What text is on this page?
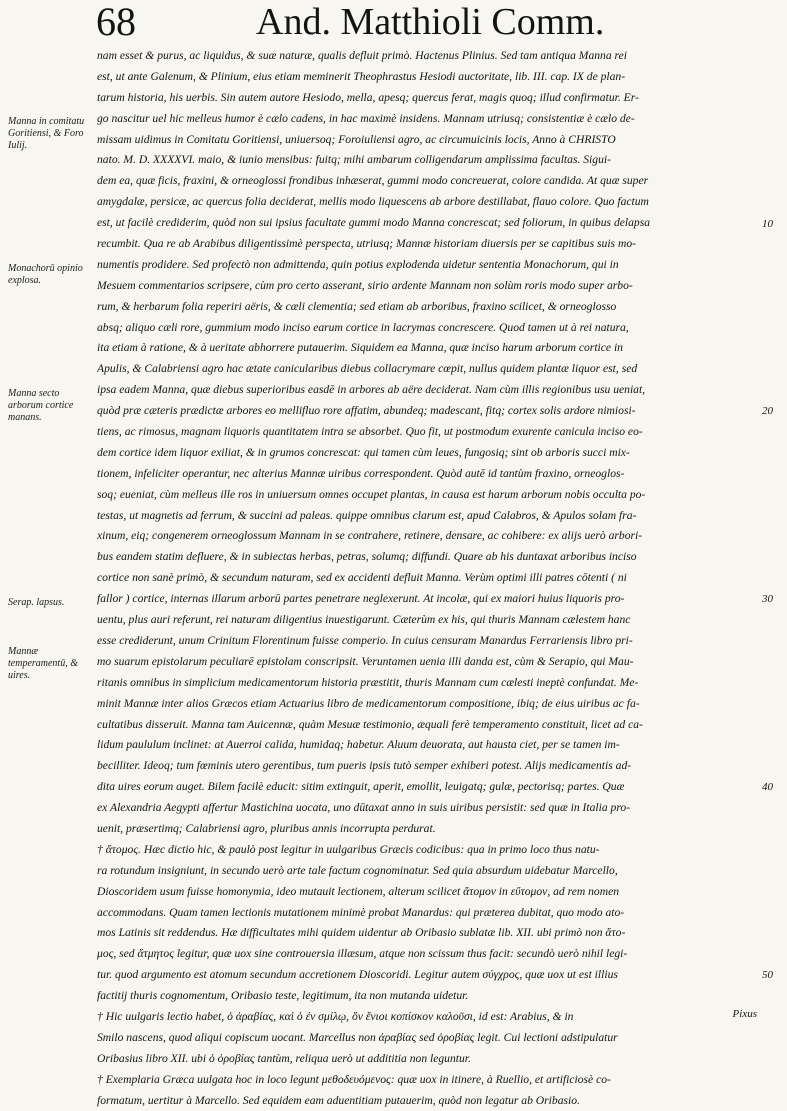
68	And. Matthioli Comm.
nam esset & purus, ac liquidus, & suæ naturæ, qualis defluit primò. Hactenus Plinius. Sed tam antiqua Manna rei
est, ut ante Galenum, & Plinium, eius etiam meminerit Theophrastus Hesiodi auctoritate, lib. III. cap. IX de plan-
tarum historia, his uerbis. Sin autem autore Hesiodo, mella, apesq; quercus ferat, magis quoq; illud confirmatur. Er-
go nascitur uel hic melleus humor è cælo cadens, in hac maximè insidens. Mannam utriusq; consistentiæ è cælo de-
missam uidimus in Comitatu Goritiensi, uniuersoq; Foroiuliensi agro, ac circumuicinis locis, Anno à CHRISTO
nato. M. D. XXXXVI. maio, & iunio mensibus: fuitq; mihi ambarum colligendarum amplissima facultas. Sigui-
dem ea, quæ ficis, fraxini, & orneoglossi frondibus inhæserat, gummi modo concreuerat, colore candida. At quæ super
amygdalæ, persicæ, ac quercus folia deciderat, mellis modo liquescens ab arbore destillabat, flauo colore. Quo factum
est, ut facilè crediderim, quòd non sui ipsius facultate gummi modo Manna concrescat; sed foliorum, in quibus delapsa
recumbit. Qua re ab Arabibus diligentissimè perspecta, utriusq; Mannæ historiam diuersis per se capitibus suis mo-
numentis prodidere. Sed profectò non admittenda, quin potius explodenda uidetur sententia Monachorum, qui in
Mesuem commentarios scripsere, cùm pro certo asserant, sirio ardente Mannam non solùm roris modo super arbo-
rum, & herbarum folia reperiri aëris, & cæli clementia; sed etiam ab arboribus, fraxino scilicet, & orneoglosso
absq; aliquo cæli rore, gummium modo inciso earum cortice in lacrymas concrescere. Quod tamen ut à rei natura,
ita etiam à ratione, & à ueritate abhorrere putauerim. Siquidem ea Manna, quæ inciso harum arborum cortice in
Apulis, & Calabriensi agro hac ætate canicularibus diebus collacrymare cœpit, nullus quidem plantæ liquor est, sed
ipsa eadem Manna, quæ diebus superioribus easdē in arbores ab aëre deciderat. Nam cùm illis regionibus usu ueniat,
quòd præ cæteris prædictæ arbores eo mellifluo rore affatim, abundeq; madescant, fitq; cortex solis ardore nimiosi-
tiens, ac rimosus, magnam liquoris quantitatem intra se absorbet. Quo fit, ut postmodum exurente canicula inciso eo-
dem cortice idem liquor exiliat, & in grumos concrescat: qui tamen cùm leues, fungosiq; sint ob arboris succi mix-
tionem, infeliciter operantur, nec alterius Mannæ uiribus correspondent. Quòd autē id tantùm fraxino, orneoglos-
soq; eueniat, cùm melleus ille ros in uniuersum omnes occupet plantas, in causa est harum arborum nobis occulta po-
testas, ut magnetis ad ferrum, & succini ad paleas. quippe omnibus clarum est, apud Calabros, & Apulos solam fra-
xinum, eiq; congenerem orneoglossum Mannam in se contrahere, retinere, densare, ac cohibere: ex alijs uerò arbori-
bus eandem statim defluere, & in subiectas herbas, petras, solumq; diffundi. Quare ab his duntaxat arboribus inciso
cortice non sanè primò, & secundum naturam, sed ex accidenti defluit Manna. Verùm optimi illi patres cōtenti ( ni
fallor ) cortice, internas illarum arborū partes penetrare neglexerunt. At incolæ, qui ex maiori huius liquoris pro-
uentu, plus auri referunt, rei naturam diligentius inuestigarunt. Cæterùm ex his, qui thuris Mannam cælestem hanc
esse crediderunt, unum Crinitum Florentinum fuisse comperio. In cuius censuram Manardus Ferrariensis libro pri-
mo suarum epistolarum peculiarē epistolam conscripsit. Veruntamen uenia illi danda est, cùm & Serapio, qui Mau-
ritanis omnibus in simplicium medicamentorum historia præstitit, thuris Mannam cum cælesti ineptè confundat. Me-
minit Mannæ inter alios Græcos etiam Actuarius libro de medicamentorum compositione, ibiq; de eius uiribus ac fa-
cultatibus disseruit. Manna tam Auicennæ, quàm Mesuæ testimonio, æquali ferè temperamento constituit, licet ad ca-
lidum paululum inclinet: at Auerroi calida, humidaq; habetur. Aluum deuorata, aut hausta ciet, per se tamen im-
becilliter. Ideoq; tum fœminis utero gerentibus, tum pueris ipsis tutò semper exhiberi potest. Alijs medicamentis ad-
dita uires eorum auget. Bilem facilè educit: sitim extinguit, aperit, emollit, leuigatq; gulæ, pectorisq; partes. Quæ
ex Alexandria Aegypti affertur Mastichina uocata, uno dūtaxat anno in suis uiribus persistit: sed quæ in Italia pro-
uenit, præsertimq; Calabriensi agro, pluribus annis incorrupta perdurat.
† ἄτομος. Hæc dictio hic, & paulò post legitur in uulgaribus Græcis codicibus: qua in primo loco thus natu-
ra rotundum insigniunt, in secundo uerò arte tale factum cognominatur. Sed quia absurdum uidebatur Marcello,
Dioscoridem usum fuisse homonymia, ideo mutauit lectionem, alterum scilicet ἄτομον in εὔτομον, ad rem nomen
accommodans. Quam tamen lectionis mutationem minimè probat Manardus: qui præterea dubitat, quo modo ato-
mos Latinis sit reddendus. Hæ difficultates mihi quidem uidentur ab Oribasio sublatæ lib. XII. ubi primò non ἄτο-
μος, sed ἄτμητος legitur, quæ uox sine controuersia illæsum, atque non scissum thus facit: secundò uerò nihil legi-
tur. quod argumento est atomum secundum accretionem Dioscoridi. Legitur autem σύγχρος, quæ uox ut est illius
factitij thuris cognomentum, Oribasio teste, legitimum, ita non mutanda uidetur.
† Hic uulgaris lectio habet, ὁ ἀραβίας, καὶ ὁ ἐν σμίλῳ, ὅν ἔνιοι κοπίσκον καλοῦσι, id est: Arabius, & in
Smilo nascens, quod aliqui copiscum uocant. Marcellus non ἀραβίας sed ὀροβίας legit. Cui lectioni adstipulatur
Oribasius libro XII. ubi ὁ ὀροβίας tantùm, reliqua uerò ut addititia non leguntur.
† Exemplaria Græca uulgata hoc in loco legunt μεθοδευόμενος: quæ uox in itinere, à Ruellio, et artificiosè co-
formatum, uertitur à Marcello. Sed equidem eam aduentitiam putauerim, quòd non legatur ab Oribasio.
Manna in comitatu Goritiensi, & Foro Iulij.
Monachorū opinio explosa.
Manna secto arborum cortice manans.
Serap. lapsus.
Mannæ temperamentū, & uires.
10
20
30
40
50
Pixus
